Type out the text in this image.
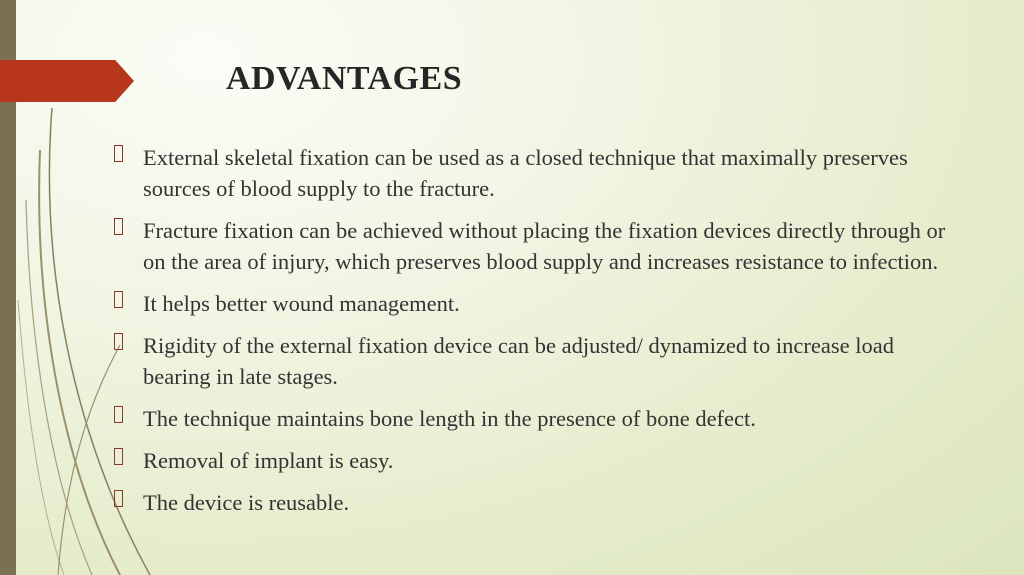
ADVANTAGES
External skeletal fixation can be used as a closed technique that maximally preserves sources of blood supply to the fracture.
Fracture fixation can be achieved without placing the fixation devices directly through or on the area of injury, which preserves blood supply and increases resistance to infection.
It helps better wound management.
Rigidity of the external fixation device can be adjusted/ dynamized to increase load bearing in late stages.
The technique maintains bone length in the presence of bone defect.
Removal of implant is easy.
The device is reusable.
